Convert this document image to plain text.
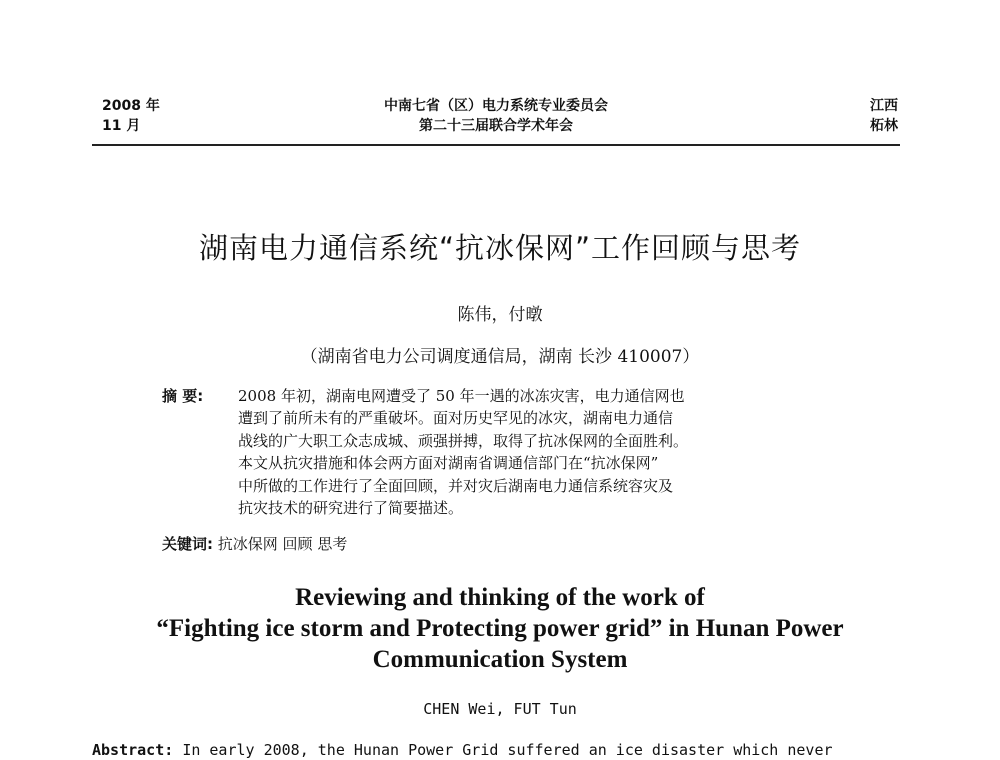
2008 年
11 月
中南七省（区）电力系统专业委员会
第二十三届联合学术年会
江西
柘林
湖南电力通信系统“抗冰保网”工作回顾与思考
陈伟，付暾
（湖南省电力公司调度通信局，湖南 长沙 410007）
摘 要: 2008 年初，湖南电网遭受了 50 年一遇的冰冻灾害，电力通信网也
遭到了前所未有的严重破坏。面对历史罕见的冰灾，湖南电力通信
战线的广大职工众志成城、顽强拼搏，取得了抗冰保网的全面胜利。
本文从抗灾措施和体会两方面对湖南省调通信部门在“抗冰保网”
中所做的工作进行了全面回顾，并对灾后湖南电力通信系统容灾及
抗灾技术的研究进行了简要描述。
关键词: 抗冰保网 回顾 思考
Reviewing and thinking of the work of
“Fighting ice storm and Protecting power grid” in Hunan Power
Communication System
CHEN Wei, FUT Tun
Abstract: In early 2008, the Hunan Power Grid suffered an ice disaster which never
